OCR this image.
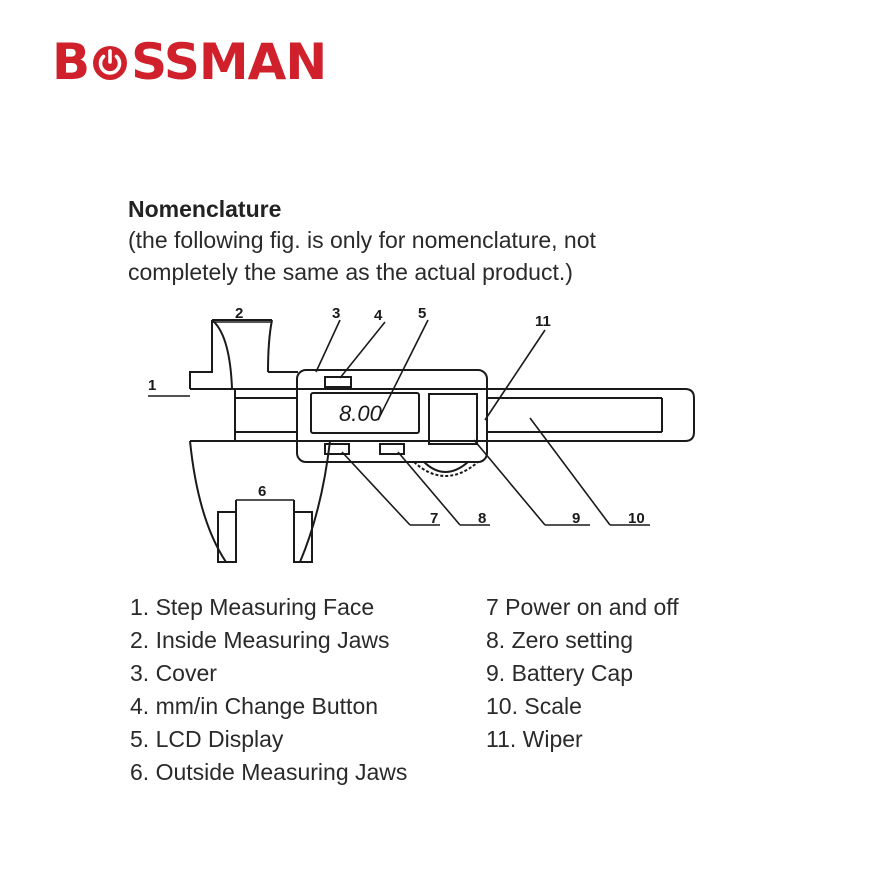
B SSMAN
Nomenclature
(the following fig. is only for nomenclature, not
completely the same as the actual product.)
8.00
1
2	3 4 5
6
7	8	9	10
11
1. Step Measuring Face
2. Inside Measuring Jaws
3. Cover
4. mm/in Change Button
5. LCD Display
6. Outside Measuring Jaws
7 Power on and off
8. Zero setting
9. Battery Cap
10. Scale
11. Wiper
